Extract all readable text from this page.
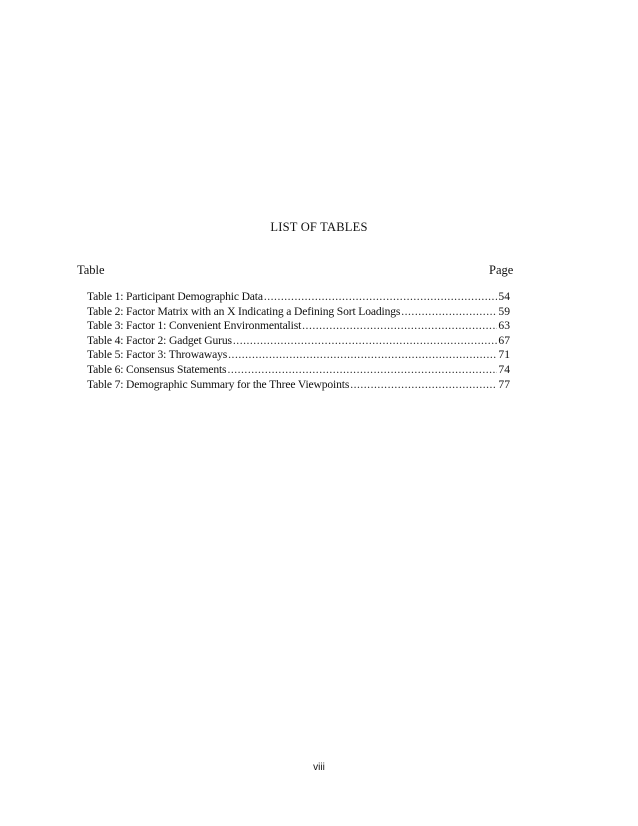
LIST OF TABLES
Table	Page
Table 1: Participant Demographic Data .....	54
Table 2: Factor Matrix with an X Indicating a Defining Sort Loadings .....	59
Table 3: Factor 1: Convenient Environmentalist .....	63
Table 4: Factor 2: Gadget Gurus .....	67
Table 5: Factor 3: Throwaways .....	71
Table 6: Consensus Statements .....	74
Table 7: Demographic Summary for the Three Viewpoints .....	77
viii
